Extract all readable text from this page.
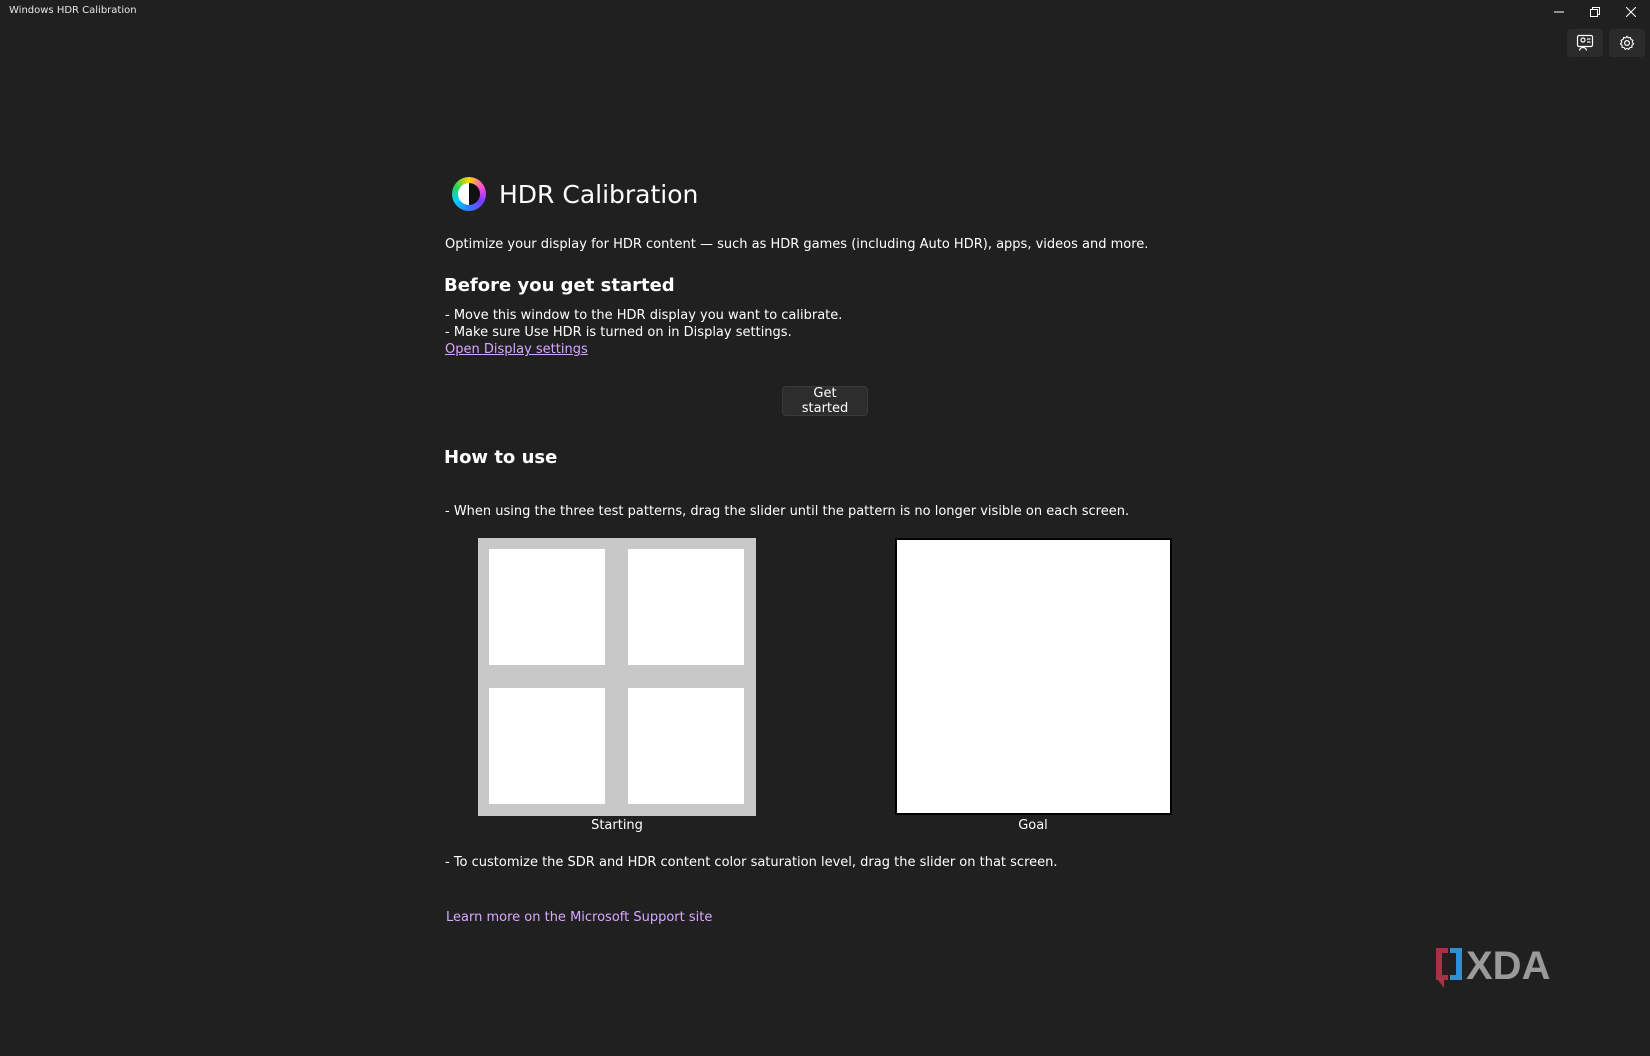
Windows HDR Calibration
HDR Calibration
Optimize your display for HDR content — such as HDR games (including Auto HDR), apps, videos and more.
Before you get started
- Move this window to the HDR display you want to calibrate.
- Make sure Use HDR is turned on in Display settings.
Open Display settings
Get started
How to use
- When using the three test patterns, drag the slider until the pattern is no longer visible on each screen.
Starting	Goal
- To customize the SDR and HDR content color saturation level, drag the slider on that screen.
Learn more on the Microsoft Support site
XDA
